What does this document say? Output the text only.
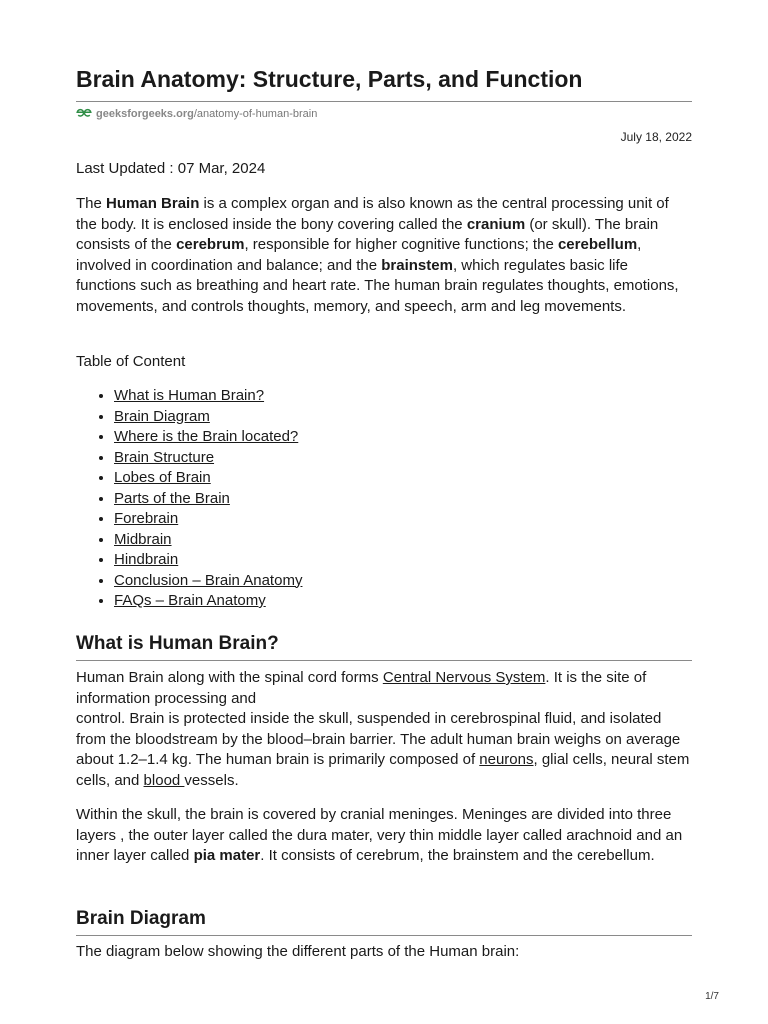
Brain Anatomy: Structure, Parts, and Function
geeksforgeeks.org/anatomy-of-human-brain
July 18, 2022

Last Updated : 07 Mar, 2024

The Human Brain is a complex organ and is also known as the central processing unit of the body. It is enclosed inside the bony covering called the cranium (or skull). The brain consists of the cerebrum, responsible for higher cognitive functions; the cerebellum, involved in coordination and balance; and the brainstem, which regulates basic life functions such as breathing and heart rate. The human brain regulates thoughts, emotions, movements, and controls thoughts, memory, and speech, arm and leg movements.

Table of Content

• What is Human Brain?
• Brain Diagram
• Where is the Brain located?
• Brain Structure
• Lobes of Brain
• Parts of the Brain
• Forebrain
• Midbrain
• Hindbrain
• Conclusion – Brain Anatomy
• FAQs – Brain Anatomy
What is Human Brain?

Human Brain along with the spinal cord forms Central Nervous System. It is the site of information processing and
control. Brain is protected inside the skull, suspended in cerebrospinal fluid, and isolated from the bloodstream by the blood–brain barrier. The adult human brain weighs on average about 1.2–1.4 kg. The human brain is primarily composed of neurons, glial cells, neural stem cells, and blood vessels.

Within the skull, the brain is covered by cranial meninges. Meninges are divided into three layers , the outer layer called the dura mater, very thin middle layer called arachnoid and an inner layer called pia mater. It consists of cerebrum, the brainstem and the cerebellum.

Brain Diagram

The diagram below showing the different parts of the Human brain:

1/7
